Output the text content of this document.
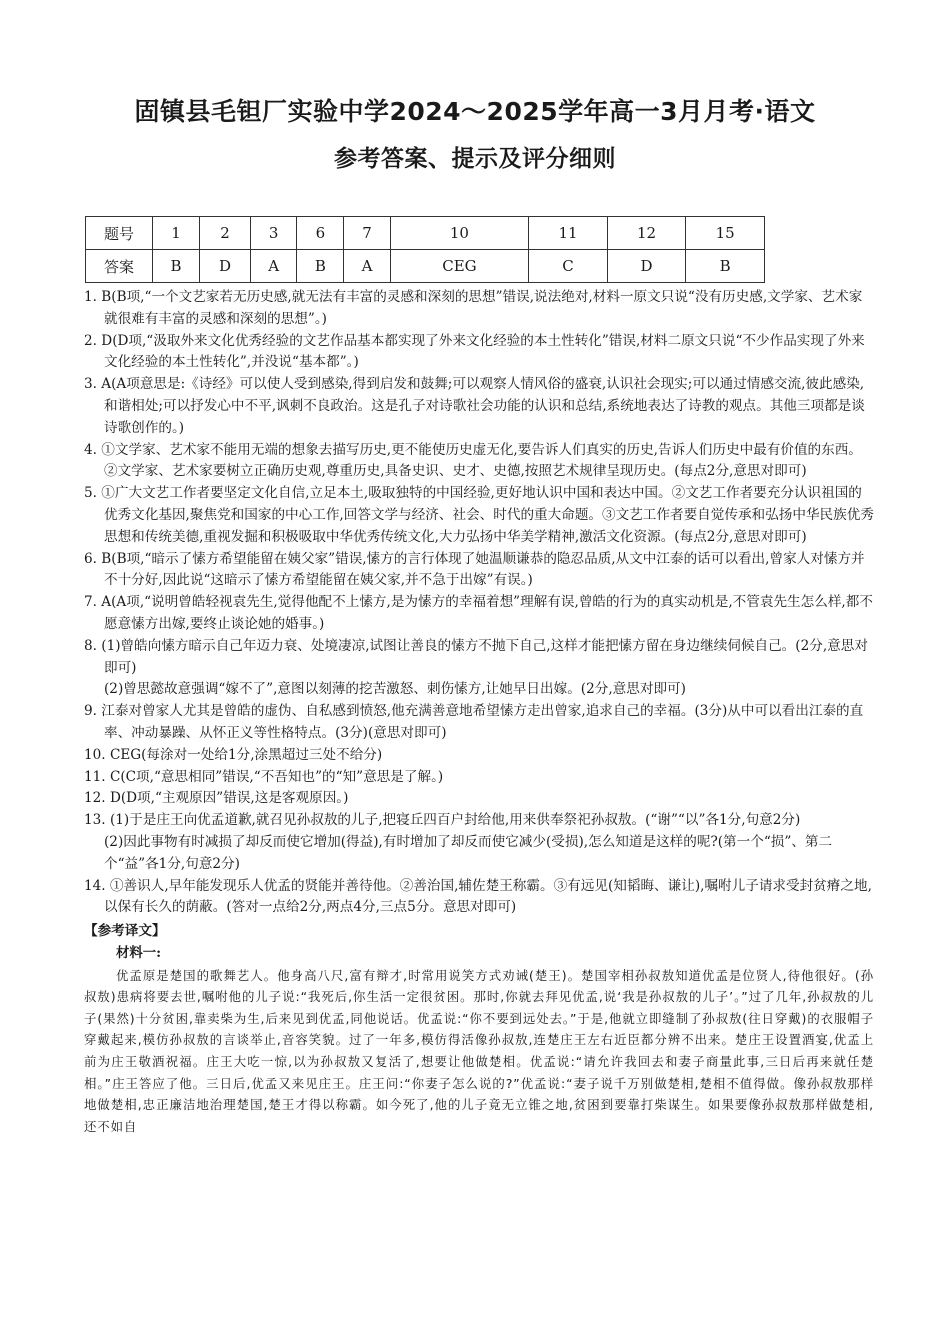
固镇县毛钽厂实验中学2024～2025学年高一3月月考·语文
参考答案、提示及评分细则
题号	1	2	3	6	7	10	11	12	15
答案	B	D	A	B	A	CEG	C	D	B
1. B(B项,“一个文艺家若无历史感,就无法有丰富的灵感和深刻的思想”错误,说法绝对,材料一原文只说“没有历史感,文学家、艺术家就很难有丰富的灵感和深刻的思想”。)
2. D(D项,“汲取外来文化优秀经验的文艺作品基本都实现了外来文化经验的本土性转化”错误,材料二原文只说“不少作品实现了外来文化经验的本土性转化”,并没说“基本都”。)
3. A(A项意思是:《诗经》可以使人受到感染,得到启发和鼓舞;可以观察人情风俗的盛衰,认识社会现实;可以通过情感交流,彼此感染,和谐相处;可以抒发心中不平,讽刺不良政治。这是孔子对诗歌社会功能的认识和总结,系统地表达了诗教的观点。其他三项都是谈诗歌创作的。)
4. ①文学家、艺术家不能用无端的想象去描写历史,更不能使历史虚无化,要告诉人们真实的历史,告诉人们历史中最有价值的东西。②文学家、艺术家要树立正确历史观,尊重历史,具备史识、史才、史德,按照艺术规律呈现历史。(每点2分,意思对即可)
5. ①广大文艺工作者要坚定文化自信,立足本土,吸取独特的中国经验,更好地认识中国和表达中国。②文艺工作者要充分认识祖国的优秀文化基因,聚焦党和国家的中心工作,回答文学与经济、社会、时代的重大命题。③文艺工作者要自觉传承和弘扬中华民族优秀思想和传统美德,重视发掘和积极吸取中华优秀传统文化,大力弘扬中华美学精神,激活文化资源。(每点2分,意思对即可)
6. B(B项,“暗示了愫方希望能留在姨父家”错误,愫方的言行体现了她温顺谦恭的隐忍品质,从文中江泰的话可以看出,曾家人对愫方并不十分好,因此说“这暗示了愫方希望能留在姨父家,并不急于出嫁”有误。)
7. A(A项,“说明曾皓轻视袁先生,觉得他配不上愫方,是为愫方的幸福着想”理解有误,曾皓的行为的真实动机是,不管袁先生怎么样,都不愿意愫方出嫁,要终止谈论她的婚事。)
8. (1)曾皓向愫方暗示自己年迈力衰、处境凄凉,试图让善良的愫方不抛下自己,这样才能把愫方留在身边继续伺候自己。(2分,意思对即可)
(2)曾思懿故意强调“嫁不了”,意图以刻薄的挖苦激怒、刺伤愫方,让她早日出嫁。(2分,意思对即可)
9. 江泰对曾家人尤其是曾皓的虚伪、自私感到愤怒,他充满善意地希望愫方走出曾家,追求自己的幸福。(3分)从中可以看出江泰的直率、冲动暴躁、从怀正义等性格特点。(3分)(意思对即可)
10. CEG(每涂对一处给1分,涂黑超过三处不给分)
11. C(C项,“意思相同”错误,“不吾知也”的“知”意思是了解。)
12. D(D项,“主观原因”错误,这是客观原因。)
13. (1)于是庄王向优孟道歉,就召见孙叔敖的儿子,把寝丘四百户封给他,用来供奉祭祀孙叔敖。(“谢”“以”各1分,句意2分)
(2)因此事物有时减损了却反而使它增加(得益),有时增加了却反而使它减少(受损),怎么知道是这样的呢?(第一个“损”、第二个“益”各1分,句意2分)
14. ①善识人,早年能发现乐人优孟的贤能并善待他。②善治国,辅佐楚王称霸。③有远见(知韬晦、谦让),嘱咐儿子请求受封贫瘠之地,以保有长久的荫蔽。(答对一点给2分,两点4分,三点5分。意思对即可)
【参考译文】
材料一:
优孟原是楚国的歌舞艺人。他身高八尺,富有辩才,时常用说笑方式劝诫(楚王)。楚国宰相孙叔敖知道优孟是位贤人,待他很好。(孙叔敖)患病将要去世,嘱咐他的儿子说:“我死后,你生活一定很贫困。那时,你就去拜见优孟,说‘我是孙叔敖的儿子’。”过了几年,孙叔敖的儿子(果然)十分贫困,靠卖柴为生,后来见到优孟,同他说话。优孟说:“你不要到远处去。”于是,他就立即缝制了孙叔敖(往日穿戴)的衣服帽子穿戴起来,模仿孙叔敖的言谈举止,音容笑貌。过了一年多,模仿得活像孙叔敖,连楚庄王左右近臣都分辨不出来。楚庄王设置酒宴,优孟上前为庄王敬酒祝福。庄王大吃一惊,以为孙叔敖又复活了,想要让他做楚相。优孟说:“请允许我回去和妻子商量此事,三日后再来就任楚相。”庄王答应了他。三日后,优孟又来见庄王。庄王问:“你妻子怎么说的?”优孟说:“妻子说千万别做楚相,楚相不值得做。像孙叔敖那样地做楚相,忠正廉洁地治理楚国,楚王才得以称霸。如今死了,他的儿子竟无立锥之地,贫困到要靠打柴谋生。如果要像孙叔敖那样做楚相,还不如自
